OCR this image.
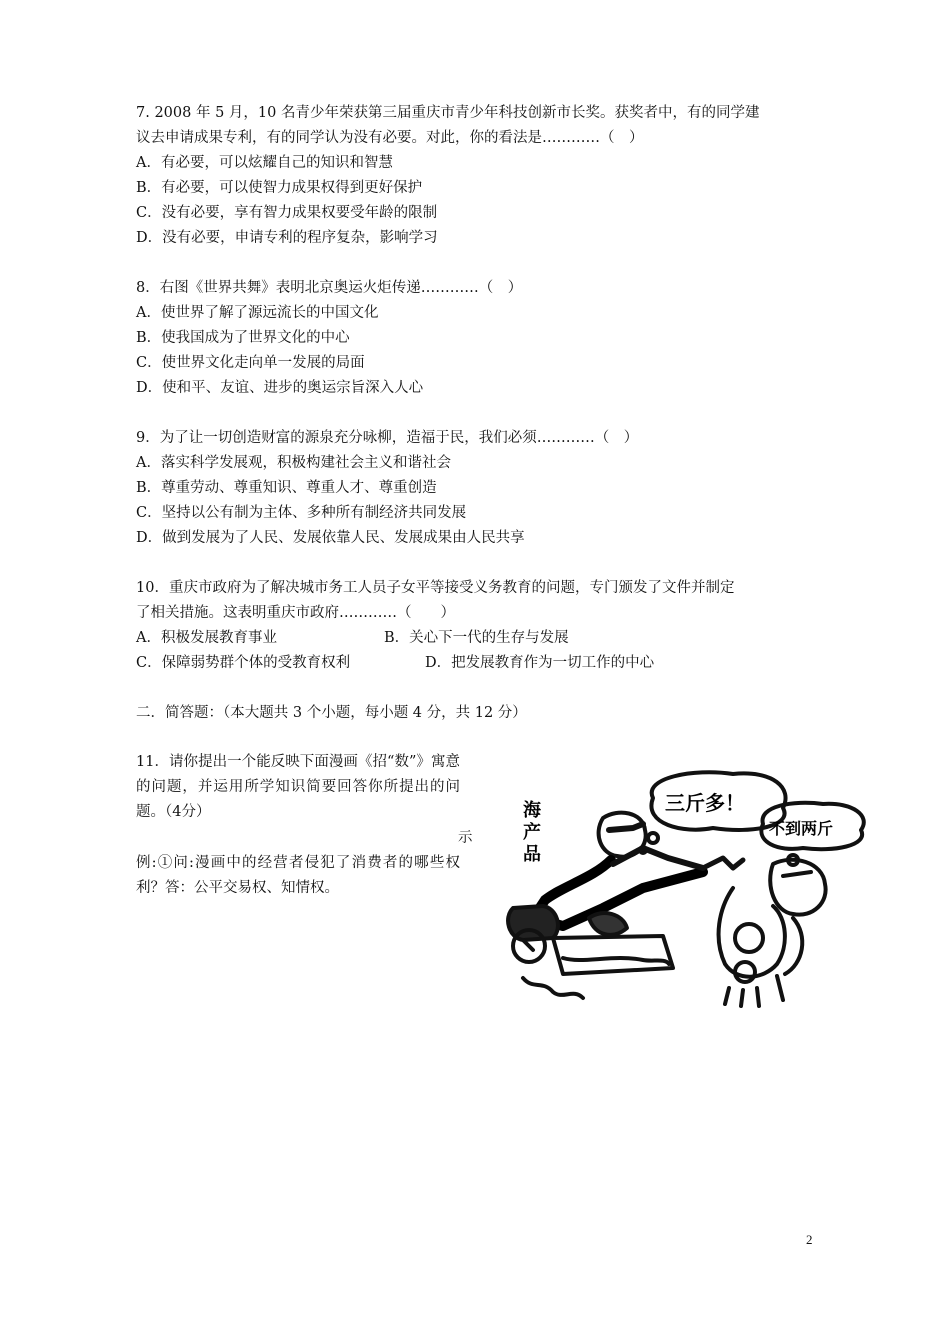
7. 2008 年 5 月，10 名青少年荣获第三届重庆市青少年科技创新市长奖。获奖者中，有的同学建
议去申请成果专利，有的同学认为没有必要。对此，你的看法是…………（　）
A．有必要，可以炫耀自己的知识和智慧
B．有必要，可以使智力成果权得到更好保护
C．没有必要，享有智力成果权要受年龄的限制
D．没有必要，申请专利的程序复杂，影响学习
8．右图《世界共舞》表明北京奥运火炬传递…………（　）
A．使世界了解了源远流长的中国文化
B．使我国成为了世界文化的中心
C．使世界文化走向单一发展的局面
D．使和平、友谊、进步的奥运宗旨深入人心
9．为了让一切创造财富的源泉充分咏柳，造福于民，我们必须…………（　）
A．落实科学发展观，积极构建社会主义和谐社会
B．尊重劳动、尊重知识、尊重人才、尊重创造
C．坚持以公有制为主体、多种所有制经济共同发展
D．做到发展为了人民、发展依靠人民、发展成果由人民共享
10．重庆市政府为了解决城市务工人员子女平等接受义务教育的问题，专门颁发了文件并制定
了相关措施。这表明重庆市政府…………（　　）
A．积极发展教育事业	B．关心下一代的生存与发展
C．保障弱势群个体的受教育权利	D．把发展教育作为一切工作的中心
二．简答题：（本大题共 3 个小题，每小题 4 分，共 12 分）
11．请你提出一个能反映下面漫画《招“数”》寓意的问题，并运用所学知识简要回答你所提出的问题。（4分）
示
例:①问:漫画中的经营者侵犯了消费者的哪些权利？答：公平交易权、知情权。
海 产 品
三斤多！
不到两斤
2
